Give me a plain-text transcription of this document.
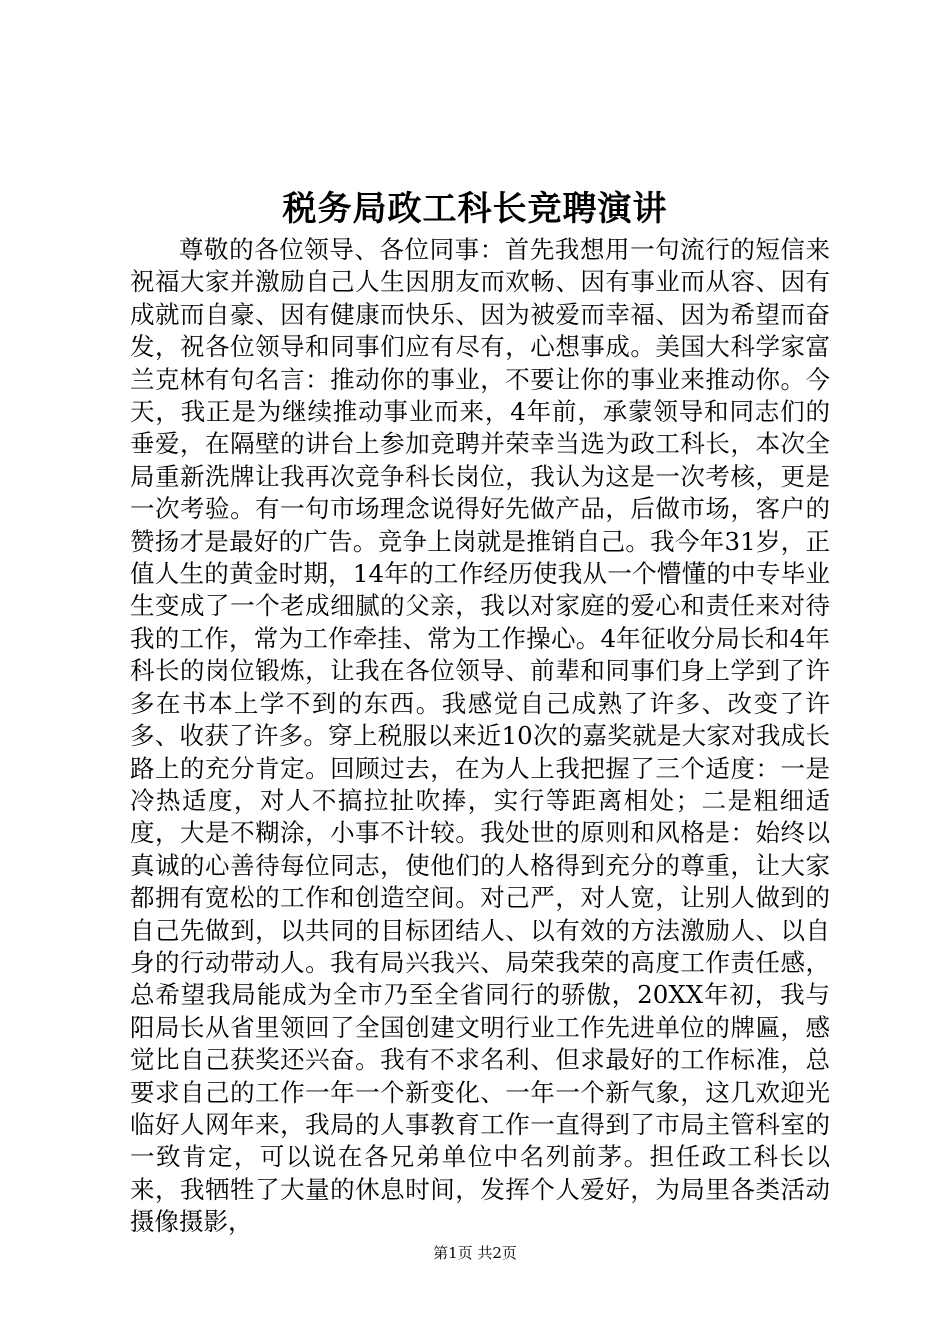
税务局政工科长竞聘演讲

尊敬的各位领导、各位同事：首先我想用一句流行的短信来祝福大家并激励自己人生因朋友而欢畅、因有事业而从容、因有成就而自豪、因有健康而快乐、因为被爱而幸福、因为希望而奋发，祝各位领导和同事们应有尽有，心想事成。美国大科学家富兰克林有句名言：推动你的事业，不要让你的事业来推动你。今天，我正是为继续推动事业而来，4年前，承蒙领导和同志们的垂爱，在隔壁的讲台上参加竞聘并荣幸当选为政工科长，本次全局重新洗牌让我再次竞争科长岗位，我认为这是一次考核，更是一次考验。有一句市场理念说得好先做产品，后做市场，客户的赞扬才是最好的广告。竞争上岗就是推销自己。我今年31岁，正值人生的黄金时期，14年的工作经历使我从一个懵懂的中专毕业生变成了一个老成细腻的父亲，我以对家庭的爱心和责任来对待我的工作，常为工作牵挂、常为工作操心。4年征收分局长和4年科长的岗位锻炼，让我在各位领导、前辈和同事们身上学到了许多在书本上学不到的东西。我感觉自己成熟了许多、改变了许多、收获了许多。穿上税服以来近10次的嘉奖就是大家对我成长路上的充分肯定。回顾过去，在为人上我把握了三个适度：一是冷热适度，对人不搞拉扯吹捧，实行等距离相处；二是粗细适度，大是不糊涂，小事不计较。我处世的原则和风格是：始终以真诚的心善待每位同志，使他们的人格得到充分的尊重，让大家都拥有宽松的工作和创造空间。对己严，对人宽，让别人做到的自己先做到，以共同的目标团结人、以有效的方法激励人、以自身的行动带动人。我有局兴我兴、局荣我荣的高度工作责任感，总希望我局能成为全市乃至全省同行的骄傲，20XX年初，我与阳局长从省里领回了全国创建文明行业工作先进单位的牌匾，感觉比自己获奖还兴奋。我有不求名利、但求最好的工作标准，总要求自己的工作一年一个新变化、一年一个新气象，这几欢迎光临好人网年来，我局的人事教育工作一直得到了市局主管科室的一致肯定，可以说在各兄弟单位中名列前茅。担任政工科长以来，我牺牲了大量的休息时间，发挥个人爱好，为局里各类活动摄像摄影，

第1页 共2页
